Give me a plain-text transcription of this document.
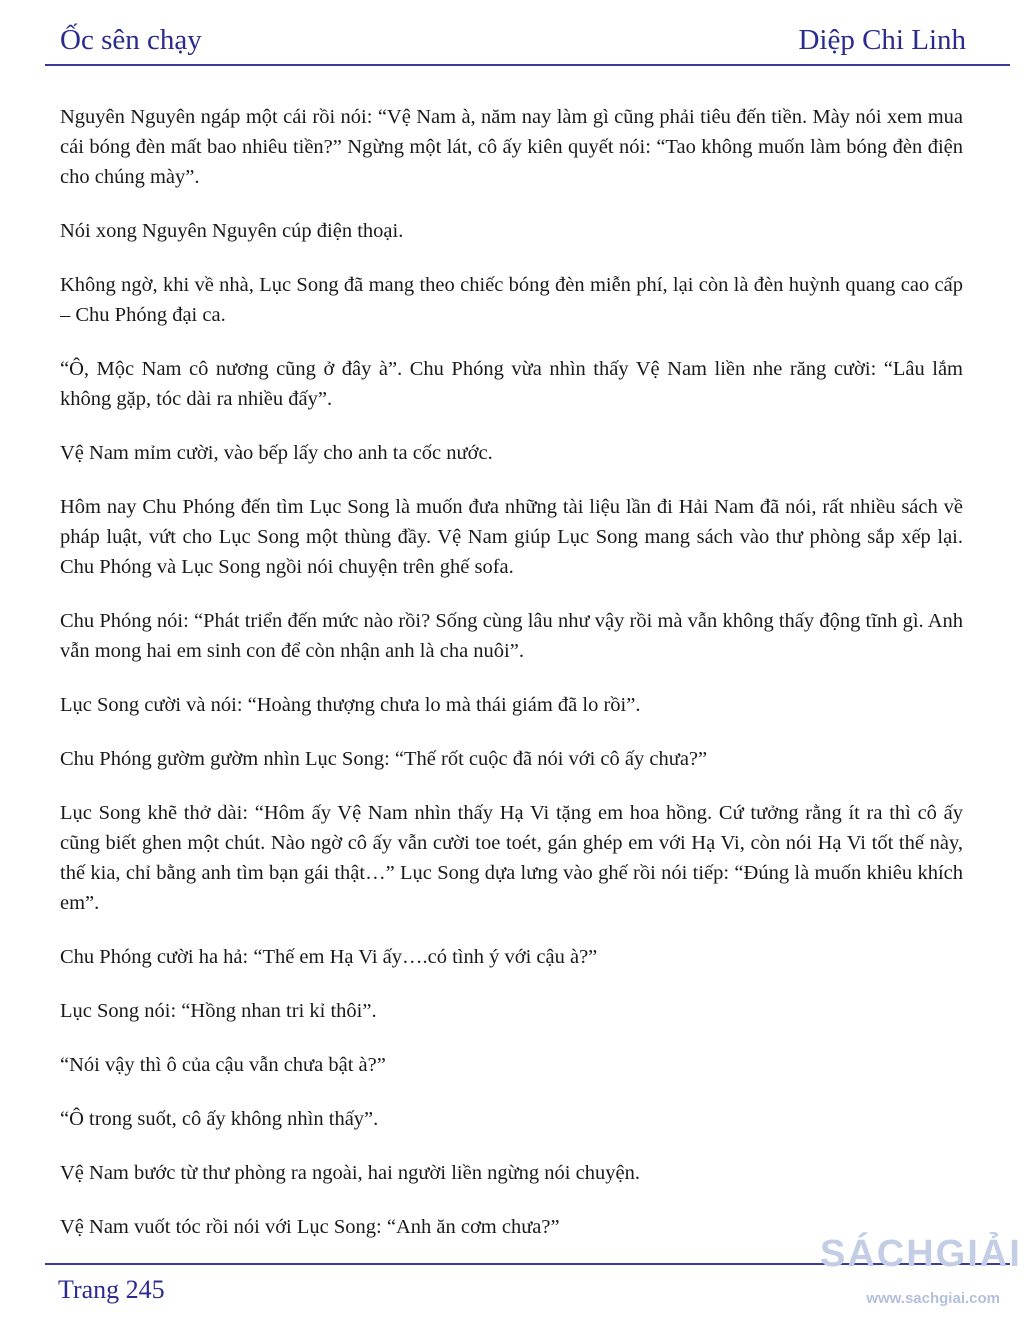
Ốc sên chạy	Diệp Chi Linh

Nguyên Nguyên ngáp một cái rồi nói: “Vệ Nam à, năm nay làm gì cũng phải tiêu đến tiền. Mày nói xem mua cái bóng đèn mất bao nhiêu tiền?” Ngừng một lát, cô ấy kiên quyết nói: “Tao không muốn làm bóng đèn điện cho chúng mày”.

Nói xong Nguyên Nguyên cúp điện thoại.

Không ngờ, khi về nhà, Lục Song đã mang theo chiếc bóng đèn miễn phí, lại còn là đèn huỳnh quang cao cấp – Chu Phóng đại ca.

“Ô, Mộc Nam cô nương cũng ở đây à”. Chu Phóng vừa nhìn thấy Vệ Nam liền nhe răng cười: “Lâu lắm không gặp, tóc dài ra nhiều đấy”.

Vệ Nam mỉm cười, vào bếp lấy cho anh ta cốc nước.

Hôm nay Chu Phóng đến tìm Lục Song là muốn đưa những tài liệu lần đi Hải Nam đã nói, rất nhiều sách về pháp luật, vứt cho Lục Song một thùng đầy. Vệ Nam giúp Lục Song mang sách vào thư phòng sắp xếp lại. Chu Phóng và Lục Song ngồi nói chuyện trên ghế sofa.

Chu Phóng nói: “Phát triển đến mức nào rồi? Sống cùng lâu như vậy rồi mà vẫn không thấy động tĩnh gì. Anh vẫn mong hai em sinh con để còn nhận anh là cha nuôi”.

Lục Song cười và nói: “Hoàng thượng chưa lo mà thái giám đã lo rồi”.

Chu Phóng gườm gườm nhìn Lục Song: “Thế rốt cuộc đã nói với cô ấy chưa?”

Lục Song khẽ thở dài: “Hôm ấy Vệ Nam nhìn thấy Hạ Vi tặng em hoa hồng. Cứ tưởng rằng ít ra thì cô ấy cũng biết ghen một chút. Nào ngờ cô ấy vẫn cười toe toét, gán ghép em với Hạ Vi, còn nói Hạ Vi tốt thế này, thế kia, chỉ bằng anh tìm bạn gái thật…” Lục Song dựa lưng vào ghế rồi nói tiếp: “Đúng là muốn khiêu khích em”.

Chu Phóng cười ha hả: “Thế em Hạ Vi ấy….có tình ý với cậu à?”

Lục Song nói: “Hồng nhan tri kỉ thôi”.

“Nói vậy thì ô của cậu vẫn chưa bật à?”

“Ô trong suốt, cô ấy không nhìn thấy”.

Vệ Nam bước từ thư phòng ra ngoài, hai người liền ngừng nói chuyện.

Vệ Nam vuốt tóc rồi nói với Lục Song: “Anh ăn cơm chưa?”

Trang 245
SÁCHGIẢI
www.sachgiai.com
